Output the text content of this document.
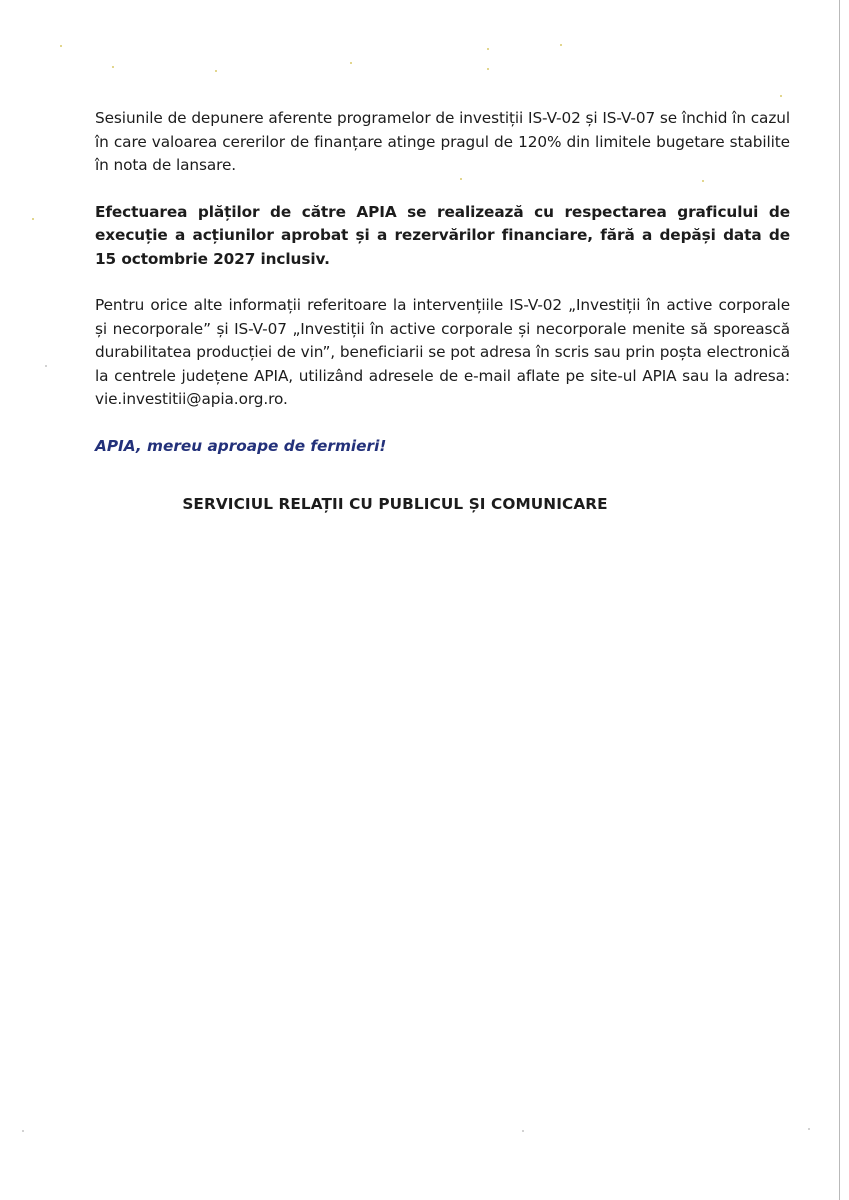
Sesiunile de depunere aferente programelor de investiții IS-V-02 și IS-V-07 se închid în cazul în care valoarea cererilor de finanțare atinge pragul de 120% din limitele bugetare stabilite în nota de lansare.

Efectuarea plăților de către APIA se realizează cu respectarea graficului de execuție a acțiunilor aprobat și a rezervărilor financiare, fără a depăși data de 15 octombrie 2027 inclusiv.

Pentru orice alte informații referitoare la intervențiile IS-V-02 „Investiții în active corporale și necorporale” și IS-V-07 „Investiții în active corporale și necorporale menite să sporească durabilitatea producției de vin”, beneficiarii se pot adresa în scris sau prin poșta electronică la centrele județene APIA, utilizând adresele de e-mail aflate pe site-ul APIA sau la adresa: vie.investitii@apia.org.ro.

APIA, mereu aproape de fermieri!

SERVICIUL RELAȚII CU PUBLICUL ȘI COMUNICARE
